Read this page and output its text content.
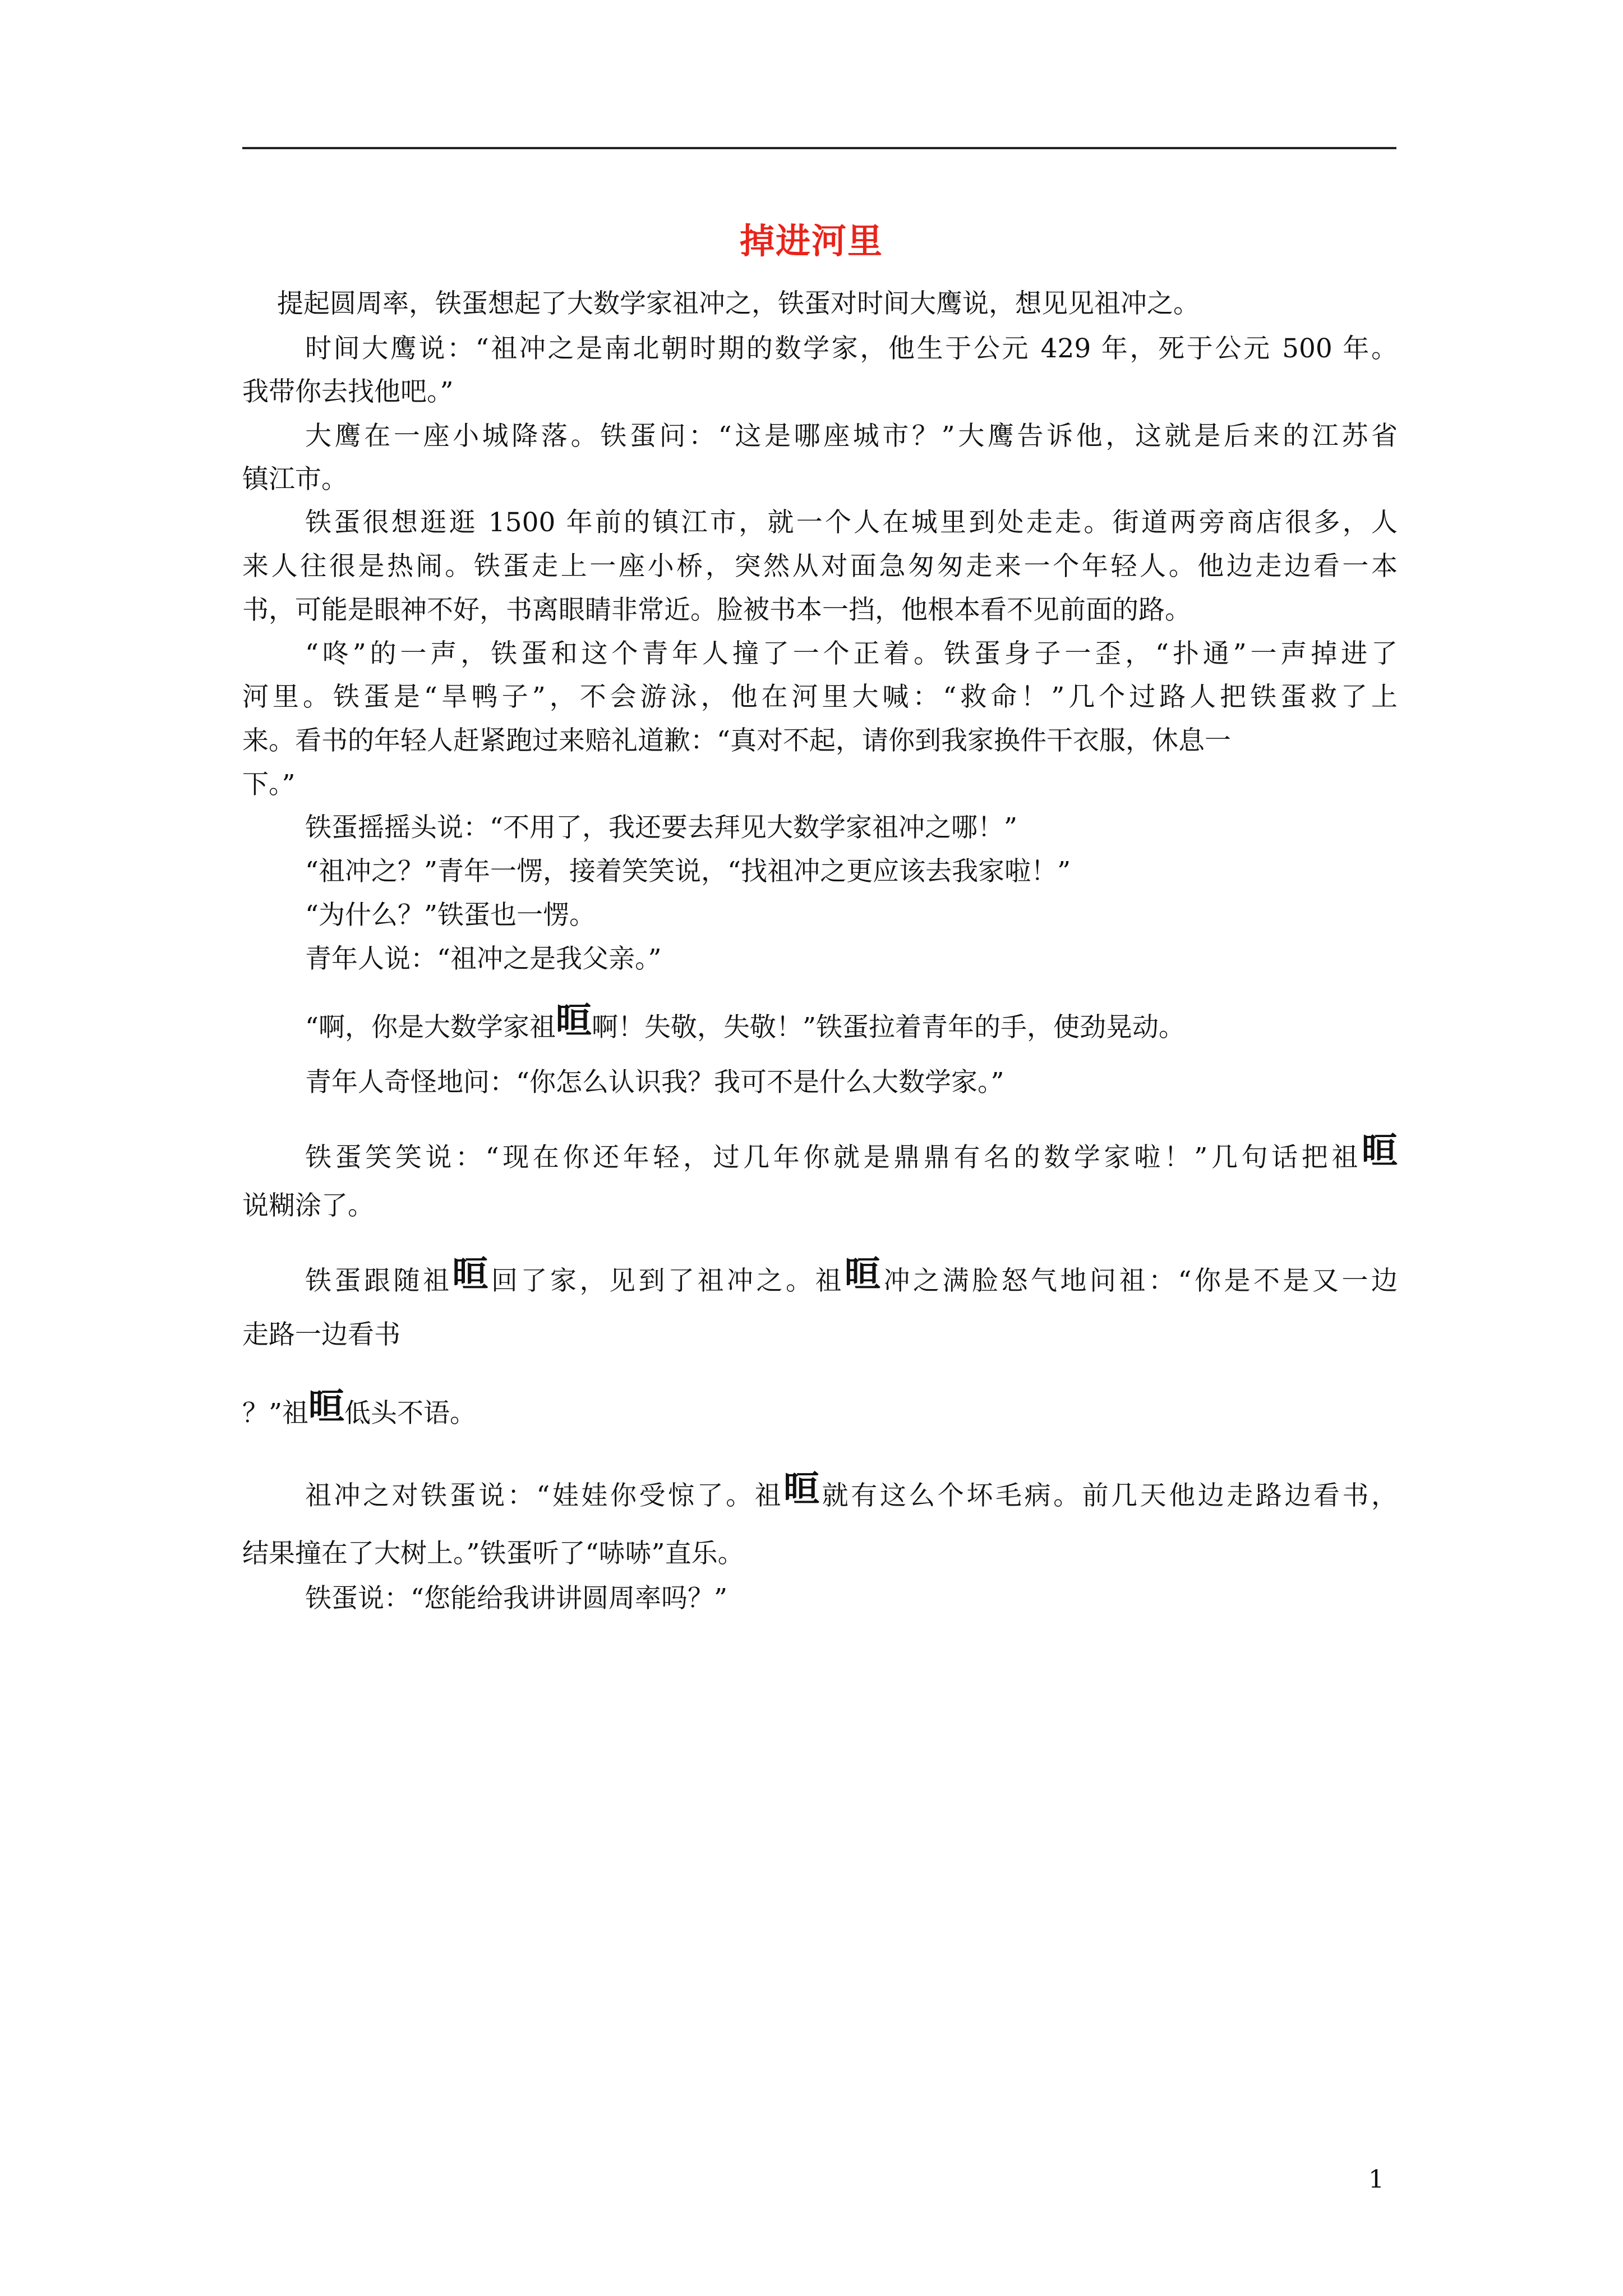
掉进河里
提起圆周率，铁蛋想起了大数学家祖冲之，铁蛋对时间大鹰说，想见见祖冲之。
时间大鹰说：“祖冲之是南北朝时期的数学家，他生于公元 429 年，死于公元 500 年。
我带你去找他吧。”
大鹰在一座小城降落。铁蛋问：“这是哪座城市？”大鹰告诉他，这就是后来的江苏省
镇江市。
铁蛋很想逛逛 1500 年前的镇江市，就一个人在城里到处走走。街道两旁商店很多，人
来人往很是热闹。铁蛋走上一座小桥，突然从对面急匆匆走来一个年轻人。他边走边看一本
书，可能是眼神不好，书离眼睛非常近。脸被书本一挡，他根本看不见前面的路。
“咚”的一声，铁蛋和这个青年人撞了一个正着。铁蛋身子一歪，“扑通”一声掉进了
河里。铁蛋是“旱鸭子”，不会游泳，他在河里大喊：“救命！”几个过路人把铁蛋救了上
来。看书的年轻人赶紧跑过来赔礼道歉：“真对不起，请你到我家换件干衣服，休息一
下。”
铁蛋摇摇头说：“不用了，我还要去拜见大数学家祖冲之哪！”
“祖冲之？”青年一愣，接着笑笑说，“找祖冲之更应该去我家啦！”
“为什么？”铁蛋也一愣。
青年人说：“祖冲之是我父亲。”
“啊，你是大数学家祖晅啊！失敬，失敬！”铁蛋拉着青年的手，使劲晃动。
青年人奇怪地问：“你怎么认识我？我可不是什么大数学家。”
铁蛋笑笑说：“现在你还年轻，过几年你就是鼎鼎有名的数学家啦！”几句话把祖晅
说糊涂了。
铁蛋跟随祖晅回了家，见到了祖冲之。祖晅冲之满脸怒气地问祖：“你是不是又一边
走路一边看书
？”祖晅低头不语。
祖冲之对铁蛋说：“娃娃你受惊了。祖晅就有这么个坏毛病。前几天他边走路边看书，
结果撞在了大树上。”铁蛋听了“哧哧”直乐。
铁蛋说：“您能给我讲讲圆周率吗？”
1
